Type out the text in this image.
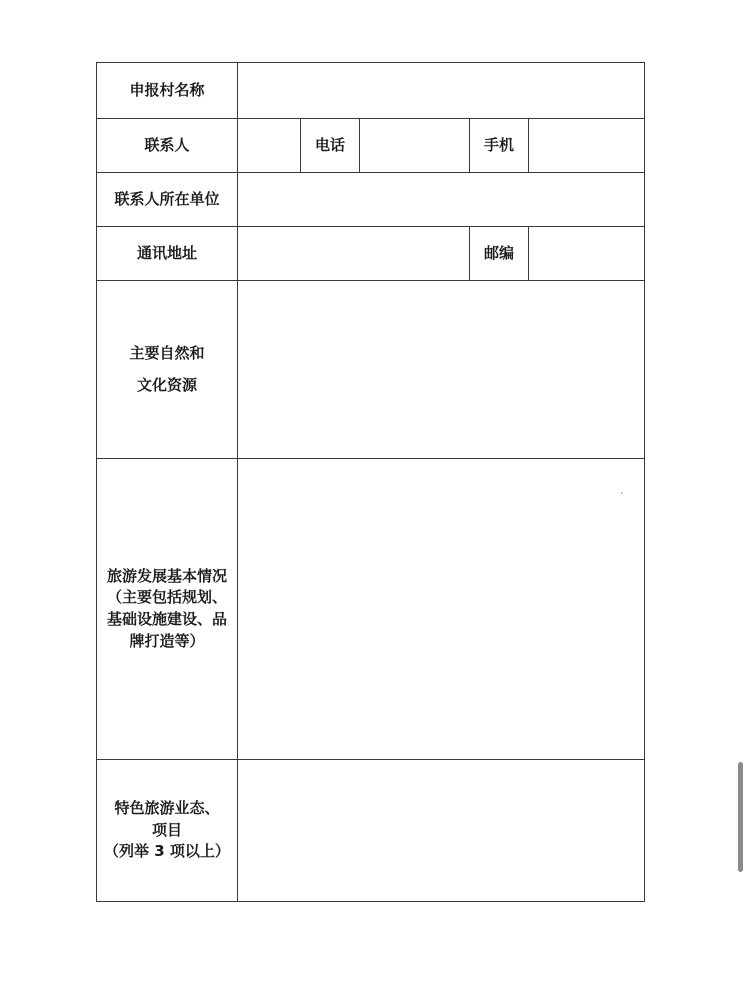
申报村名称					

联系人		电话		手机	

联系人所在单位					

通讯地址				邮编	

主要自然和
文化资源					

旅游发展基本情况
（主要包括规划、
基础设施建设、品
牌打造等）					

特色旅游业态、
项目
（列举 3 项以上）					
